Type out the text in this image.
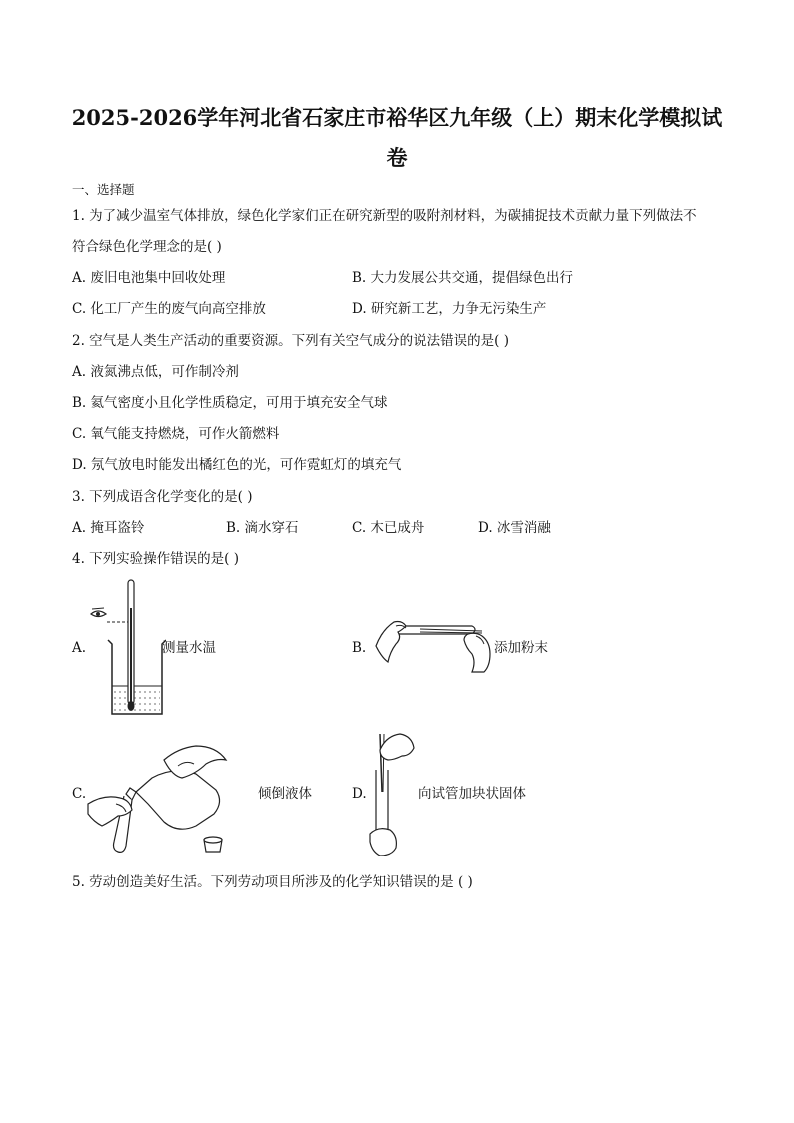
2025-2026学年河北省石家庄市裕华区九年级（上）期末化学模拟试
卷
一、选择题
1. 为了减少温室气体排放，绿色化学家们正在研究新型的吸附剂材料，为碳捕捉技术贡献力量下列做法不
符合绿色化学理念的是( )
A. 废旧电池集中回收处理	B. 大力发展公共交通，提倡绿色出行
C. 化工厂产生的废气向高空排放	D. 研究新工艺，力争无污染生产
2. 空气是人类生产活动的重要资源。下列有关空气成分的说法错误的是( )
A. 液氮沸点低，可作制冷剂
B. 氦气密度小且化学性质稳定，可用于填充安全气球
C. 氧气能支持燃烧，可作火箭燃料
D. 氖气放电时能发出橘红色的光，可作霓虹灯的填充气
3. 下列成语含化学变化的是( )
A. 掩耳盗铃	B. 滴水穿石	C. 木已成舟	D. 冰雪消融
4. 下列实验操作错误的是( )
A.	测量水温	B.	添加粉末
C.	倾倒液体	D.	向试管加块状固体
5. 劳动创造美好生活。下列劳动项目所涉及的化学知识错误的是 ( )
